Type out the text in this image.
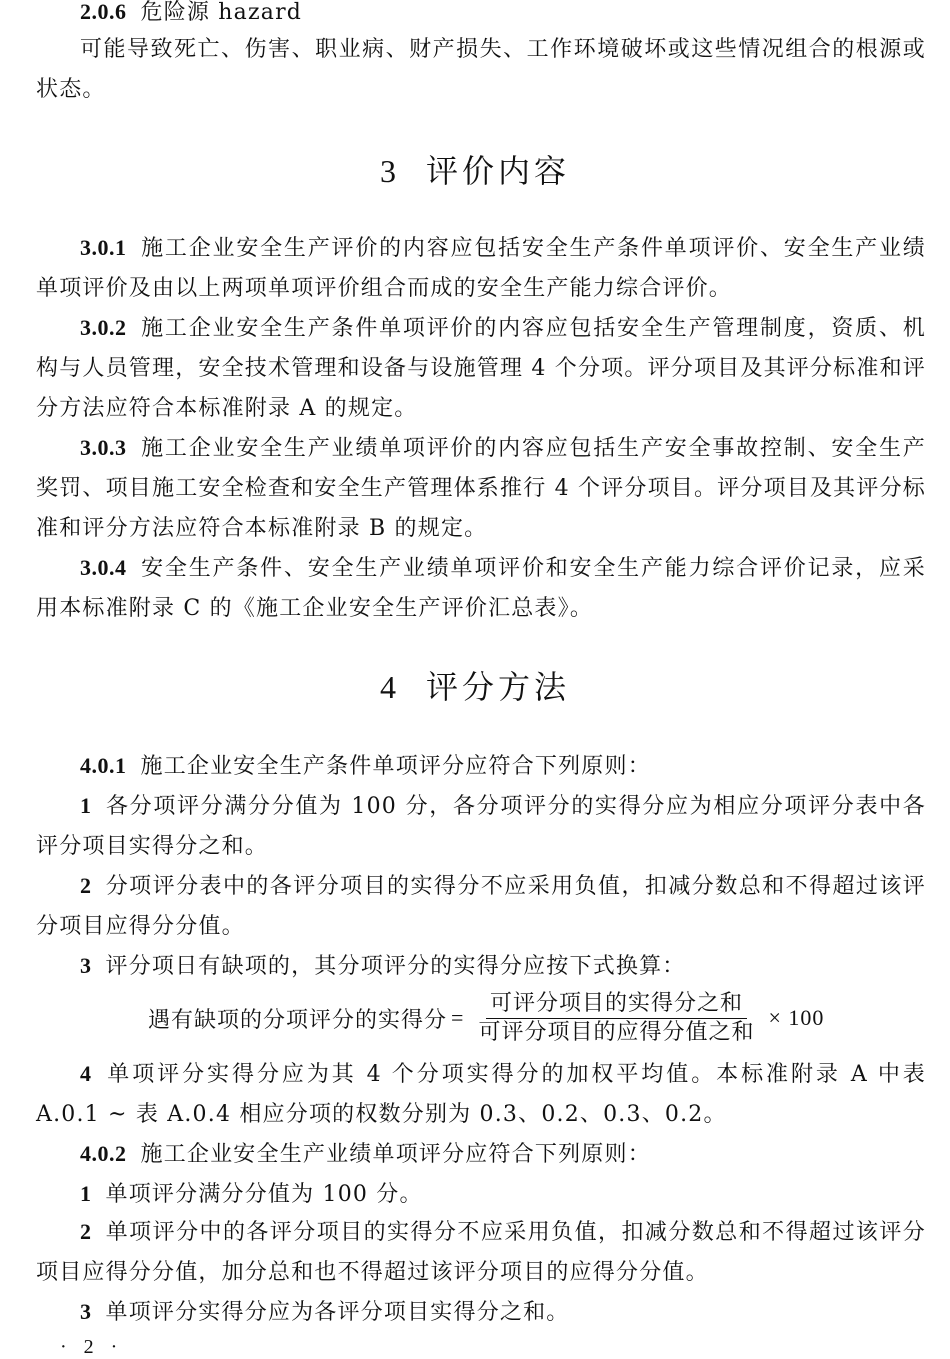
2.0.6 危险源 hazard

可能导致死亡、伤害、职业病、财产损失、工作环境破坏或这些情况组合的根源或状态。

3 评价内容

3.0.1 施工企业安全生产评价的内容应包括安全生产条件单项评价、安全生产业绩单项评价及由以上两项单项评价组合而成的安全生产能力综合评价。

3.0.2 施工企业安全生产条件单项评价的内容应包括安全生产管理制度，资质、机构与人员管理，安全技术管理和设备与设施管理 4 个分项。评分项目及其评分标准和评分方法应符合本标准附录 A 的规定。

3.0.3 施工企业安全生产业绩单项评价的内容应包括生产安全事故控制、安全生产奖罚、项目施工安全检查和安全生产管理体系推行 4 个评分项目。评分项目及其评分标准和评分方法应符合本标准附录 B 的规定。

3.0.4 安全生产条件、安全生产业绩单项评价和安全生产能力综合评价记录，应采用本标准附录 C 的《施工企业安全生产评价汇总表》。

4 评分方法

4.0.1 施工企业安全生产条件单项评分应符合下列原则：

1 各分项评分满分分值为 100 分，各分项评分的实得分应为相应分项评分表中各评分项目实得分之和。

2 分项评分表中的各评分项目的实得分不应采用负值，扣减分数总和不得超过该评分项目应得分分值。

3 评分项日有缺项的，其分项评分的实得分应按下式换算：

遇有缺项的分项评分的实得分 = $\frac{\text{可评分项目的实得分之和}}{\text{可评分项目的应得分值之和}} \times 100$

4 单项评分实得分应为其 4 个分项实得分的加权平均值。本标准附录 A 中表 A.0.1 ~ 表 A.0.4 相应分项的权数分别为 0.3、0.2、0.3、0.2。

4.0.2 施工企业安全生产业绩单项评分应符合下列原则：

1 单项评分满分分值为 100 分。

2 单项评分中的各评分项目的实得分不应采用负值，扣减分数总和不得超过该评分项目应得分分值，加分总和也不得超过该评分项目的应得分分值。

3 单项评分实得分应为各评分项目实得分之和。

· 2 ·
